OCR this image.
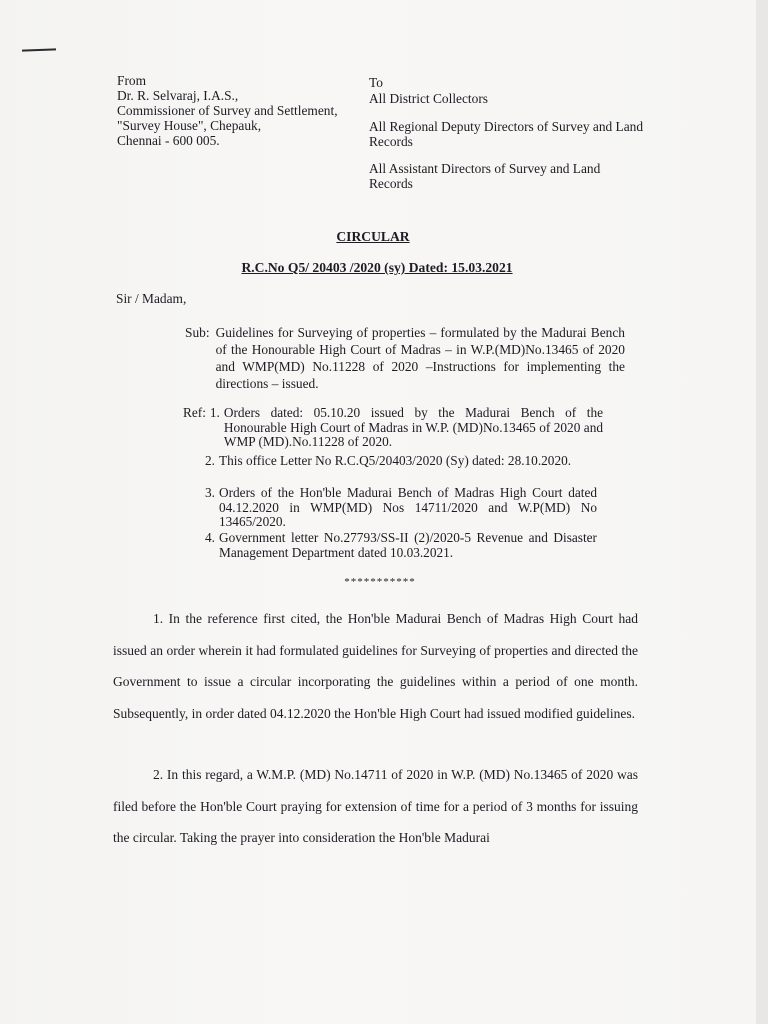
From
Dr. R. Selvaraj, I.A.S.,
Commissioner of Survey and Settlement,
"Survey House", Chepauk,
Chennai - 600 005.
To
All District Collectors
All Regional Deputy Directors of Survey and Land Records
All Assistant Directors of Survey and Land Records
CIRCULAR
R.C.No Q5/ 20403 /2020 (sy) Dated: 15.03.2021
Sir / Madam,
Sub: Guidelines for Surveying of properties – formulated by the Madurai Bench of the Honourable High Court of Madras – in W.P.(MD)No.13465 of 2020 and WMP(MD) No.11228 of 2020 –Instructions for implementing the directions – issued.
Ref: 1. Orders dated: 05.10.20 issued by the Madurai Bench of the Honourable High Court of Madras in W.P. (MD)No.13465 of 2020 and WMP (MD).No.11228 of 2020.
2. This office Letter No R.C.Q5/20403/2020 (Sy) dated: 28.10.2020.
3. Orders of the Hon'ble Madurai Bench of Madras High Court dated 04.12.2020 in WMP(MD) Nos 14711/2020 and W.P(MD) No 13465/2020.
4. Government letter No.27793/SS-II (2)/2020-5 Revenue and Disaster Management Department dated 10.03.2021.
***********
1. In the reference first cited, the Hon'ble Madurai Bench of Madras High Court had issued an order wherein it had formulated guidelines for Surveying of properties and directed the Government to issue a circular incorporating the guidelines within a period of one month. Subsequently, in order dated 04.12.2020 the Hon'ble High Court had issued modified guidelines.
2. In this regard, a W.M.P. (MD) No.14711 of 2020 in W.P. (MD) No.13465 of 2020 was filed before the Hon'ble Court praying for extension of time for a period of 3 months for issuing the circular. Taking the prayer into consideration the Hon'ble Madurai
